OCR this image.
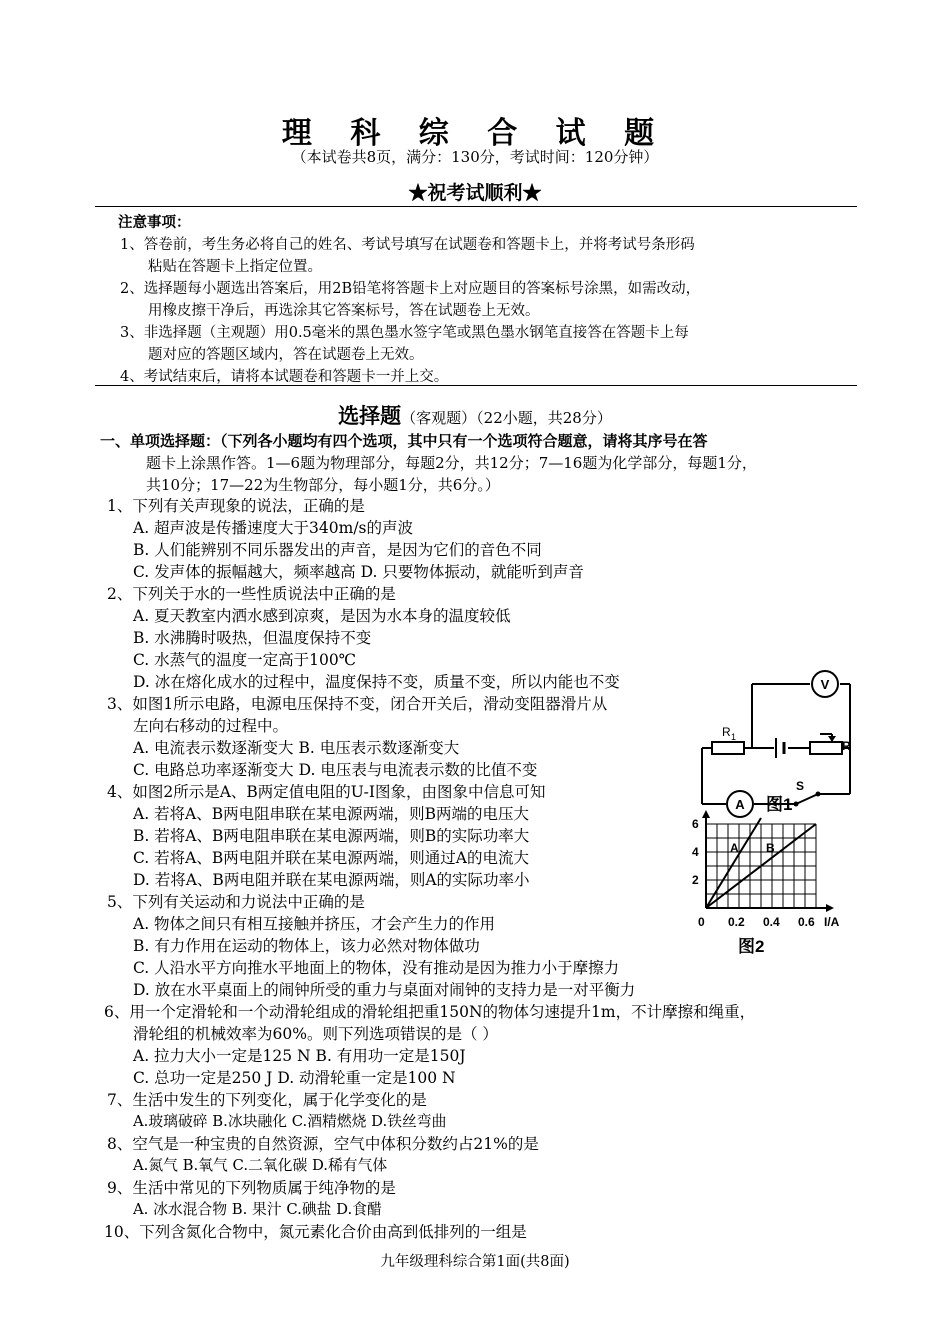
理 科 综 合 试 题
（本试卷共8页，满分：130分，考试时间：120分钟）
★祝考试顺利★
注意事项：
1、答卷前，考生务必将自己的姓名、考试号填写在试题卷和答题卡上，并将考试号条形码
粘贴在答题卡上指定位置。
2、选择题每小题选出答案后，用2B铅笔将答题卡上对应题目的答案标号涂黑，如需改动，
用橡皮擦干净后，再选涂其它答案标号，答在试题卷上无效。
3、非选择题（主观题）用0.5毫米的黑色墨水签字笔或黑色墨水钢笔直接答在答题卡上每
题对应的答题区域内，答在试题卷上无效。
4、考试结束后，请将本试题卷和答题卡一并上交。
选择题（客观题）（22小题，共28分）
一、单项选择题：（下列各小题均有四个选项，其中只有一个选项符合题意，请将其序号在答
题卡上涂黑作答。1—6题为物理部分，每题2分，共12分；7—16题为化学部分，每题1分，
共10分；17—22为生物部分，每小题1分，共6分。）
1、下列有关声现象的说法，正确的是
A. 超声波是传播速度大于340m/s的声波
B. 人们能辨别不同乐器发出的声音，是因为它们的音色不同
C. 发声体的振幅越大，频率越高 D. 只要物体振动，就能听到声音
2、下列关于水的一些性质说法中正确的是
A. 夏天教室内洒水感到凉爽，是因为水本身的温度较低
B. 水沸腾时吸热，但温度保持不变
C. 水蒸气的温度一定高于100℃
D. 冰在熔化成水的过程中，温度保持不变，质量不变，所以内能也不变
3、如图1所示电路，电源电压保持不变，闭合开关后，滑动变阻器滑片从
左向右移动的过程中。
A. 电流表示数逐渐变大 B. 电压表示数逐渐变大
C. 电路总功率逐渐变大 D. 电压表与电流表示数的比值不变
4、如图2所示是A、B两定值电阻的U-I图象，由图象中信息可知
A. 若将A、B两电阻串联在某电源两端，则B两端的电压大
B. 若将A、B两电阻串联在某电源两端，则B的实际功率大
C. 若将A、B两电阻并联在某电源两端，则通过A的电流大
D. 若将A、B两电阻并联在某电源两端，则A的实际功率小
5、下列有关运动和力说法中正确的是
A. 物体之间只有相互接触并挤压，才会产生力的作用
B. 有力作用在运动的物体上，该力必然对物体做功
C. 人沿水平方向推水平地面上的物体，没有推动是因为推力小于摩擦力
D. 放在水平桌面上的闹钟所受的重力与桌面对闹钟的支持力是一对平衡力
6、用一个定滑轮和一个动滑轮组成的滑轮组把重150N的物体匀速提升1m，不计摩擦和绳重，
滑轮组的机械效率为60%。则下列选项错误的是（ ）
A. 拉力大小一定是125 N B. 有用功一定是150J
C. 总功一定是250 J D. 动滑轮重一定是100 N
7、生活中发生的下列变化，属于化学变化的是
A.玻璃破碎 B.冰块融化 C.酒精燃烧 D.铁丝弯曲
8、空气是一种宝贵的自然资源，空气中体积分数约占21%的是
A.氮气 B.氧气 C.二氧化碳 D.稀有气体
9、生活中常见的下列物质属于纯净物的是
A. 冰水混合物 B. 果汁 C.碘盐 D.食醋
10、下列含氮化合物中，氮元素化合价由高到低排列的一组是
V
A
R 1
R
S
图1
6
4
2
0 0.2 0.4 0.6 I/A
A B
图2
九年级理科综合第1面(共8面)
